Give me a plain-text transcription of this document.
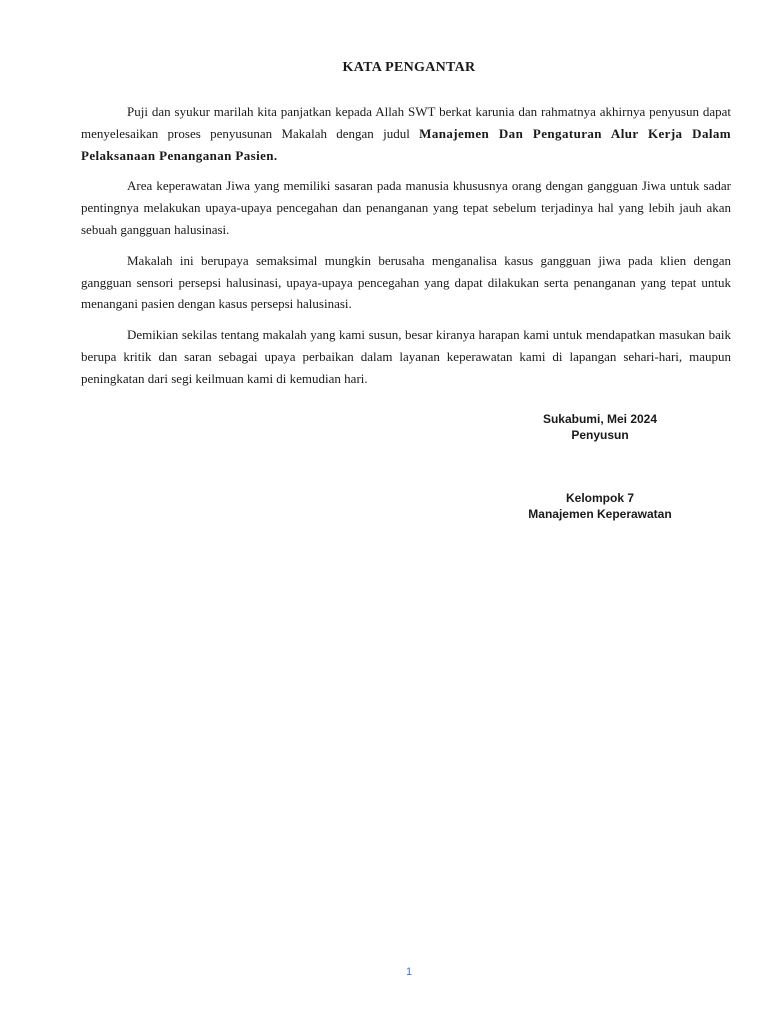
KATA PENGANTAR

Puji dan syukur marilah kita panjatkan kepada Allah SWT berkat karunia dan rahmatnya akhirnya penyusun dapat menyelesaikan proses penyusunan Makalah dengan judul Manajemen Dan Pengaturan Alur Kerja Dalam Pelaksanaan Penanganan Pasien.

Area keperawatan Jiwa yang memiliki sasaran pada manusia khususnya orang dengan gangguan Jiwa untuk sadar pentingnya melakukan upaya-upaya pencegahan dan penanganan yang tepat sebelum terjadinya hal yang lebih jauh akan sebuah gangguan halusinasi.

Makalah ini berupaya semaksimal mungkin berusaha menganalisa kasus gangguan jiwa pada klien dengan gangguan sensori persepsi halusinasi, upaya-upaya pencegahan yang dapat dilakukan serta penanganan yang tepat untuk menangani pasien dengan kasus persepsi halusinasi.

Demikian sekilas tentang makalah yang kami susun, besar kiranya harapan kami untuk mendapatkan masukan baik berupa kritik dan saran sebagai upaya perbaikan dalam layanan keperawatan kami di lapangan sehari-hari, maupun peningkatan dari segi keilmuan kami di kemudian hari.

Sukabumi, Mei 2024
Penyusun
Kelompok 7
Manajemen Keperawatan
1
